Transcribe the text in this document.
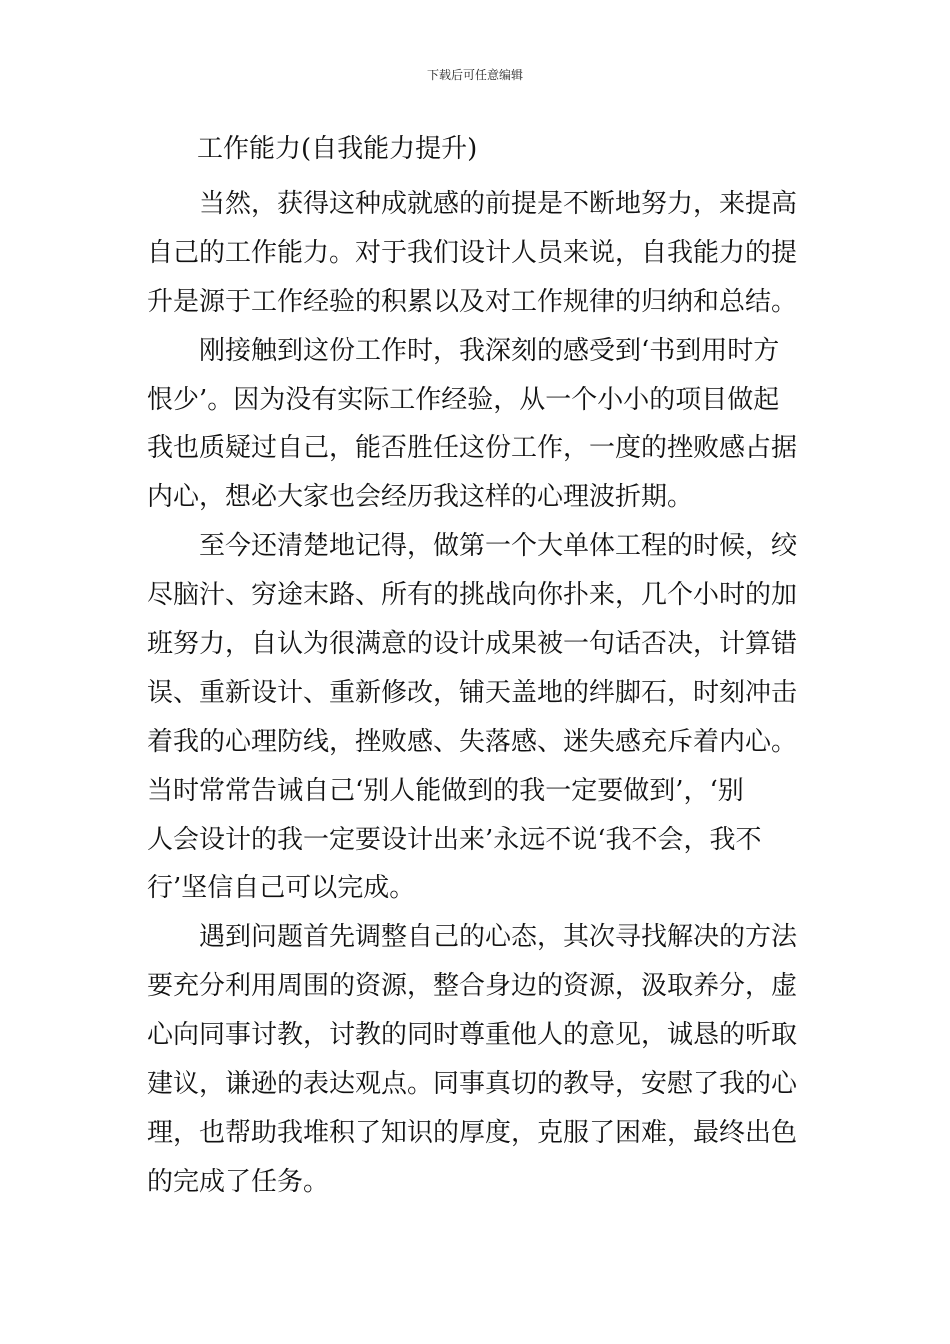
下载后可任意编辑
工作能力(自我能力提升)
当然，获得这种成就感的前提是不断地努力，来提高
自己的工作能力。对于我们设计人员来说，自我能力的提
升是源于工作经验的积累以及对工作规律的归纳和总结。
刚接触到这份工作时，我深刻的感受到‘书到用时方
恨少’。因为没有实际工作经验，从一个小小的项目做起
我也质疑过自己，能否胜任这份工作，一度的挫败感占据
内心，想必大家也会经历我这样的心理波折期。
至今还清楚地记得，做第一个大单体工程的时候，绞
尽脑汁、穷途末路、所有的挑战向你扑来，几个小时的加
班努力，自认为很满意的设计成果被一句话否决，计算错
误、重新设计、重新修改，铺天盖地的绊脚石，时刻冲击
着我的心理防线，挫败感、失落感、迷失感充斥着内心。
当时常常告诫自己‘别人能做到的我一定要做到’，‘别
人会设计的我一定要设计出来’永远不说‘我不会，我不
行’坚信自己可以完成。
遇到问题首先调整自己的心态，其次寻找解决的方法
要充分利用周围的资源，整合身边的资源，汲取养分，虚
心向同事讨教，讨教的同时尊重他人的意见，诚恳的听取
建议，谦逊的表达观点。同事真切的教导，安慰了我的心
理，也帮助我堆积了知识的厚度，克服了困难，最终出色
的完成了任务。
